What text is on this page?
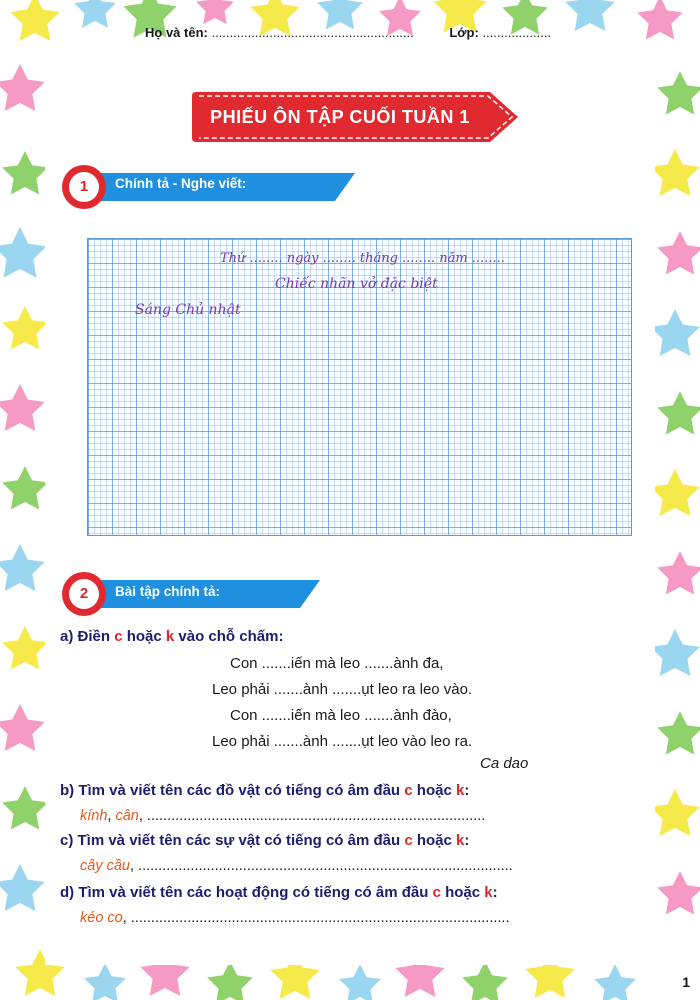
Họ và tên: ........................................................	Lớp: ...................
PHIẾU ÔN TẬP CUỐI TUẦN 1
1	Chính tả - Nghe viết:
Thứ ........ ngày ........ tháng ........ năm ........
Chiếc nhãn vở đặc biệt
Sáng Chủ nhật
2	Bài tập chính tả:
a) Điền c hoặc k vào chỗ chấm:
Con .......iến mà leo .......ành đa,
Leo phải .......ành .......ụt leo ra leo vào.
Con .......iến mà leo .......ành đào,
Leo phải .......ành .......ụt leo vào leo ra.
Ca dao
b) Tìm và viết tên các đồ vật có tiếng có âm đầu c hoặc k:
kính, cân, ....................................................................................
c) Tìm và viết tên các sự vật có tiếng có âm đầu c hoặc k:
cây cầu, .............................................................................................
d) Tìm và viết tên các hoạt động có tiếng có âm đầu c hoặc k:
kéo co, ..............................................................................................
1
